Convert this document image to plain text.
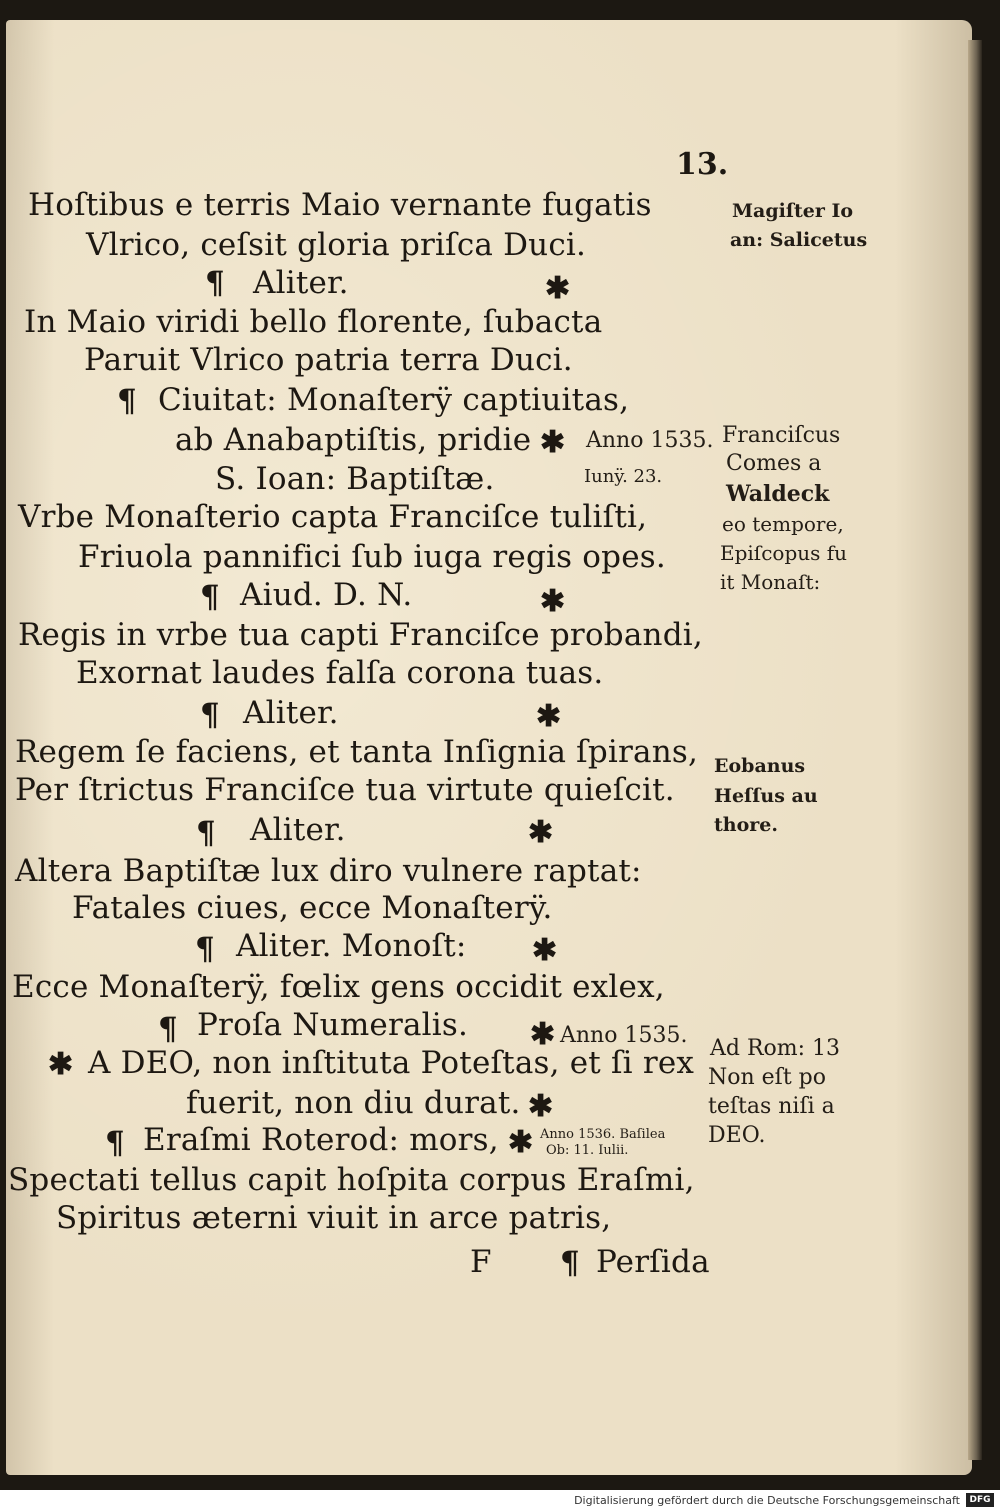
13.
Hoſtibus e terris Maio vernante fugatis
Vlrico, ceſsit gloria priſca Duci.
¶ Aliter.	✱
In Maio viridi bello florente, ſubacta
Paruit Vlrico patria terra Duci.
¶ Ciuitat: Monaſterÿ captiuitas,
ab Anabaptiſtis, pridie ✱ Anno 1535.
Iunÿ. 23.
S. Ioan: Baptiſtæ.
Vrbe Monaſterio capta Franciſce tuliſti,
Friuola pannifici ſub iuga regis opes.
¶ Aiud. D. N.	✱
Regis in vrbe tua capti Franciſce probandi,
Exornat laudes falſa corona tuas.
¶ Aliter.	✱
Regem ſe faciens, et tanta Inſignia ſpirans,
Per ſtrictus Franciſce tua virtute quieſcit.
¶ Aliter.	✱
Altera Baptiſtæ lux diro vulnere raptat:
Fatales ciues, ecce Monaſterÿ.
¶ Aliter. Monoſt: ✱
Ecce Monaſterÿ, fœlix gens occidit exlex,
¶ Proſa Numeralis. ✱ Anno 1535.
✱ A DEO, non inſtituta Poteſtas, et ſi rex
fuerit, non diu durat. ✱
¶ Eraſmi Roterod: mors, ✱ Anno 1536. Baſilea
Ob: 11. Iulii.
Spectati tellus capit hoſpita corpus Eraſmi,
Spiritus æterni viuit in arce patris,
F ¶ Perſida
Magiſter Io
an: Salicetus
Franciſcus
Comes a
Waldeck
eo tempore,
Epiſcopus fu
it Monaſt:
Eobanus
Heſſus au
thore.
Ad Rom: 13
Non eſt po
teſtas niſi a
DEO.
Digitalisierung gefördert durch die Deutsche Forschungsgemeinschaft	DFG
